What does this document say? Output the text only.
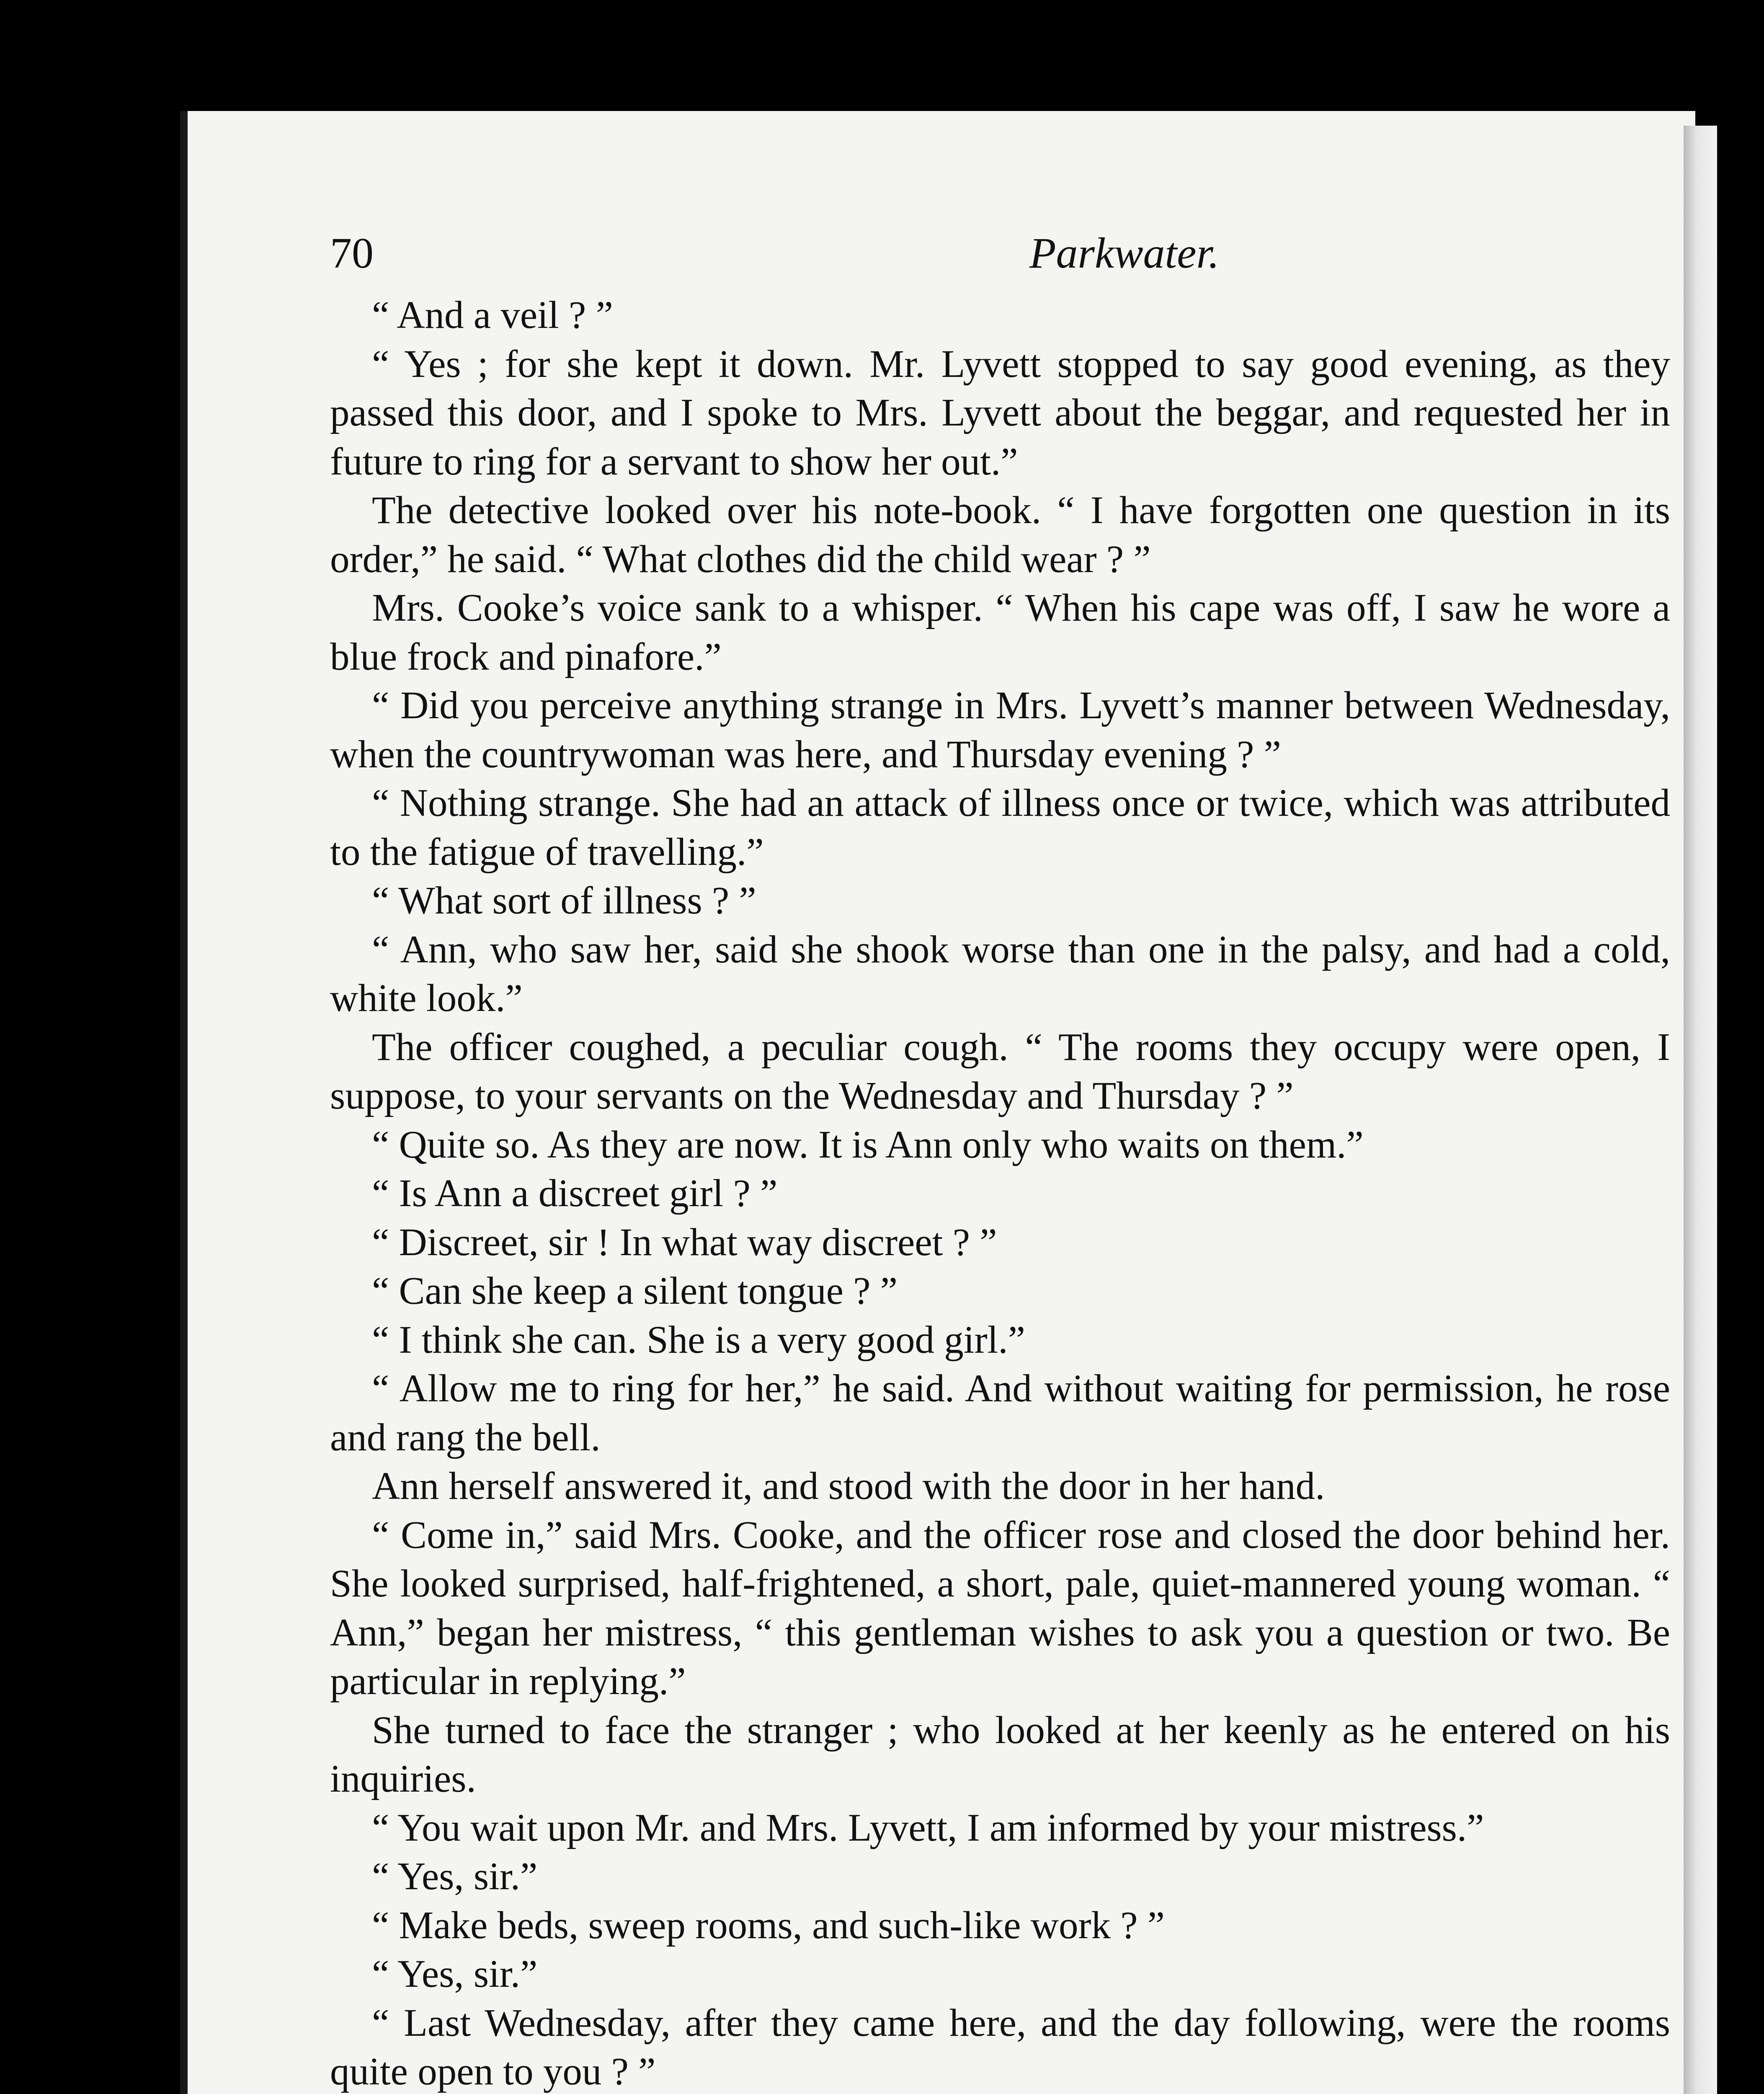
70	Parkwater.

“ And a veil ? ”

“ Yes ; for she kept it down. Mr. Lyvett stopped to say good evening, as they passed this door, and I spoke to Mrs. Lyvett about the beggar, and requested her in future to ring for a servant to show her out.”

The detective looked over his note-book. “ I have forgotten one question in its order,” he said. “ What clothes did the child wear ? ”

Mrs. Cooke’s voice sank to a whisper. “ When his cape was off, I saw he wore a blue frock and pinafore.”

“ Did you perceive anything strange in Mrs. Lyvett’s manner between Wednesday, when the countrywoman was here, and Thursday evening ? ”

“ Nothing strange. She had an attack of illness once or twice, which was attributed to the fatigue of travelling.”

“ What sort of illness ? ”

“ Ann, who saw her, said she shook worse than one in the palsy, and had a cold, white look.”

The officer coughed, a peculiar cough. “ The rooms they occupy were open, I suppose, to your servants on the Wednesday and Thursday ? ”

“ Quite so. As they are now. It is Ann only who waits on them.”

“ Is Ann a discreet girl ? ”

“ Discreet, sir ! In what way discreet ? ”

“ Can she keep a silent tongue ? ”

“ I think she can. She is a very good girl.”

“ Allow me to ring for her,” he said. And without waiting for permission, he rose and rang the bell.

Ann herself answered it, and stood with the door in her hand.

“ Come in,” said Mrs. Cooke, and the officer rose and closed the door behind her. She looked surprised, half-frightened, a short, pale, quiet-mannered young woman. “ Ann,” began her mistress, “ this gentleman wishes to ask you a question or two. Be particular in replying.”

She turned to face the stranger ; who looked at her keenly as he entered on his inquiries.

“ You wait upon Mr. and Mrs. Lyvett, I am informed by your mistress.”

“ Yes, sir.”

“ Make beds, sweep rooms, and such-like work ? ”

“ Yes, sir.”

“ Last Wednesday, after they came here, and the day following, were the rooms quite open to you ? ”
